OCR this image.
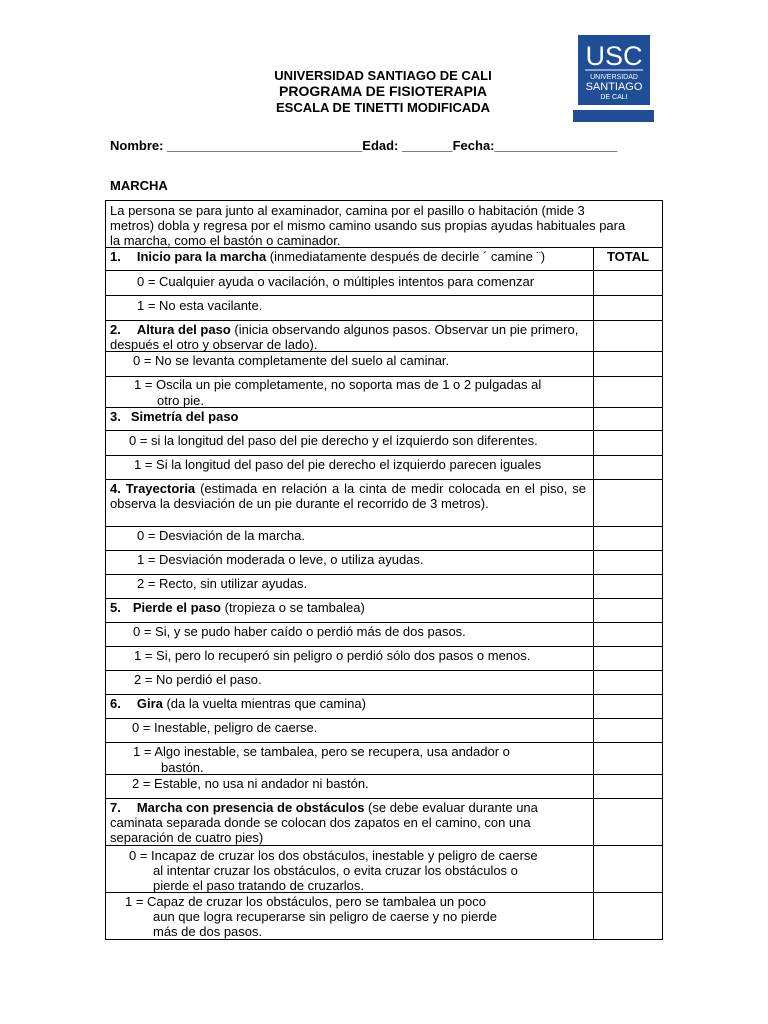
UNIVERSIDAD SANTIAGO DE CALI
PROGRAMA DE FISIOTERAPIA
ESCALA DE TINETTI MODIFICADA
USC
UNIVERSIDAD
SANTIAGO
DE CALI
Nombre: ___________________________Edad: _______Fecha:_________________
MARCHA
La persona se para junto al examinador, camina por el pasillo o habitación (mide 3 metros) dobla y regresa por el mismo camino usando sus propias ayudas habituales para la marcha, como el bastón o caminador.
TOTAL
1. Inicio para la marcha (inmediatamente después de decirle ´ camine ¨)
0 = Cualquier ayuda o vacilación, o múltiples intentos para comenzar
1 = No esta vacilante.
2. Altura del paso (inicia observando algunos pasos. Observar un pie primero, después el otro y observar de lado).
0 = No se levanta completamente del suelo al caminar.
1 = Oscila un pie completamente, no soporta mas de 1 o 2 pulgadas al
otro pie.
3. Simetría del paso
0 = si la longitud del paso del pie derecho y el izquierdo son diferentes.
1 = Si la longitud del paso del pie derecho el izquierdo parecen iguales
4. Trayectoria (estimada en relación a la cinta de medir colocada en el piso, se observa la desviación de un pie durante el recorrido de 3 metros).
0 = Desviación de la marcha.
1 = Desviación moderada o leve, o utiliza ayudas.
2 = Recto, sin utilizar ayudas.
5. Pierde el paso (tropieza o se tambalea)
0 = Si, y se pudo haber caído o perdió más de dos pasos.
1 = Si, pero lo recuperó sin peligro o perdió sólo dos pasos o menos.
2 = No perdió el paso.
6. Gira (da la vuelta mientras que camina)
0 = Inestable, peligro de caerse.
1 = Algo inestable, se tambalea, pero se recupera, usa andador o
bastón.
2 = Estable, no usa ni andador ni bastón.
7. Marcha con presencia de obstáculos (se debe evaluar durante una caminata separada donde se colocan dos zapatos en el camino, con una separación de cuatro pies)
0 = Incapaz de cruzar los dos obstáculos, inestable y peligro de caerse
al intentar cruzar los obstáculos, o evita cruzar los obstáculos o
pierde el paso tratando de cruzarlos.
1 = Capaz de cruzar los obstáculos, pero se tambalea un poco
aun que logra recuperarse sin peligro de caerse y no pierde
más de dos pasos.
